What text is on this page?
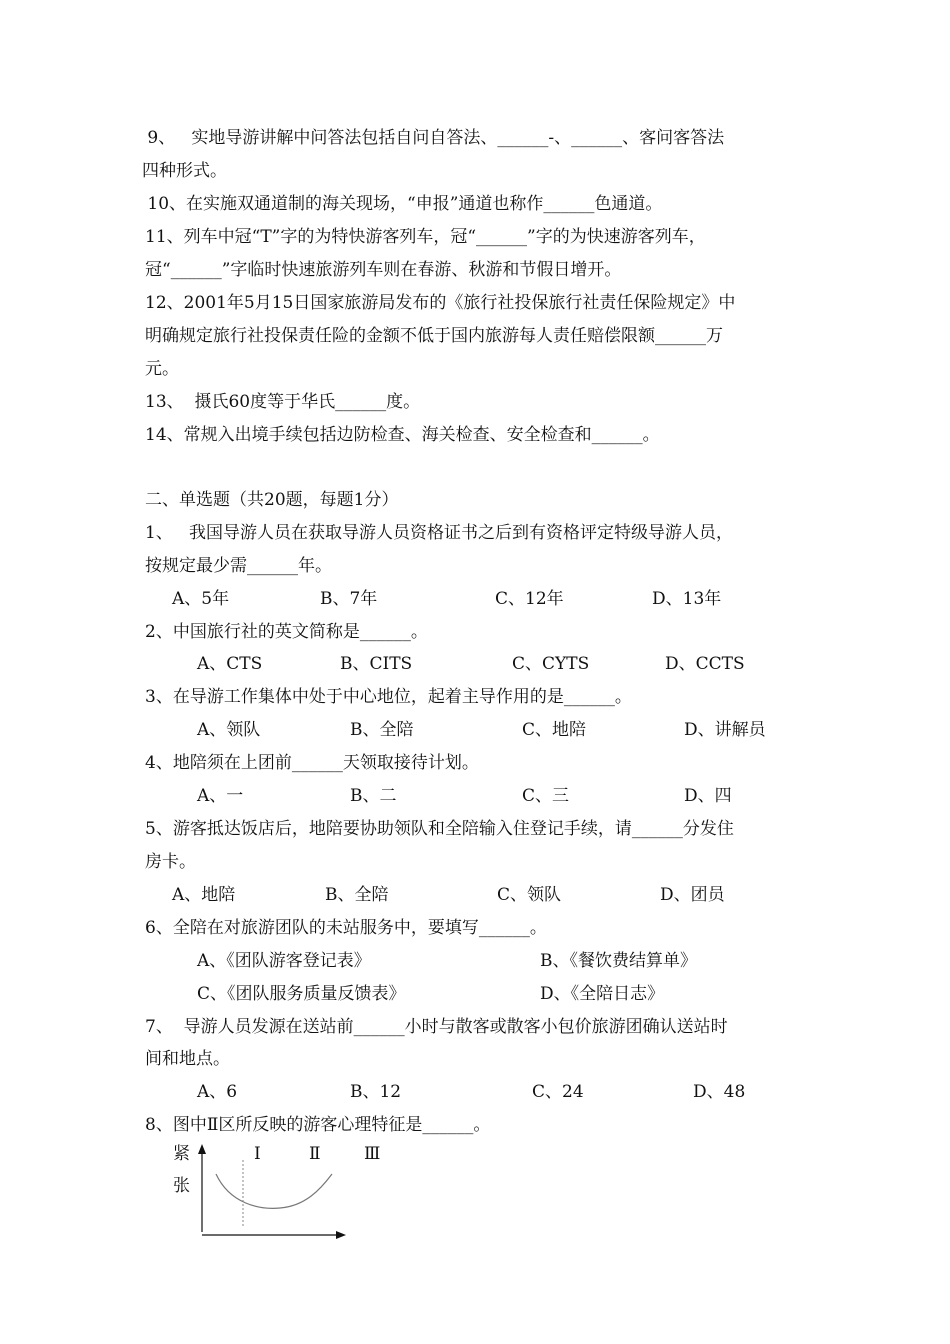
9、   实地导游讲解中问答法包括自问自答法、______-、______、客问客答法
四种形式。
10、在实施双通道制的海关现场，“申报”通道也称作______色通道。
11、列车中冠“T”字的为特快游客列车，冠“______”字的为快速游客列车，
冠“______”字临时快速旅游列车则在春游、秋游和节假日增开。
12、2001年5月15日国家旅游局发布的《旅行社投保旅行社责任保险规定》中
明确规定旅行社投保责任险的金额不低于国内旅游每人责任赔偿限额______万
元。
13、  摄氏60度等于华氏______度。
14、常规入出境手续包括边防检查、海关检查、安全检查和______。
二、单选题（共20题，每题1分）
1、   我国导游人员在获取导游人员资格证书之后到有资格评定特级导游人员，
按规定最少需______年。
A、5年	B、7年	C、12年	D、13年
2、中国旅行社的英文简称是______。
A、CTS	B、CITS	C、CYTS	D、CCTS
3、在导游工作集体中处于中心地位，起着主导作用的是______。
A、领队	B、全陪	C、地陪	D、讲解员
4、地陪须在上团前______天领取接待计划。
A、一	B、二	C、三	D、四
5、游客抵达饭店后，地陪要协助领队和全陪输入住登记手续，请______分发住
房卡。
A、地陪	B、全陪	C、领队	D、团员
6、全陪在对旅游团队的未站服务中，要填写______。
A、《团队游客登记表》	B、《餐饮费结算单》
C、《团队服务质量反馈表》	D、《全陪日志》
7、  导游人员发源在送站前______小时与散客或散客小包价旅游团确认送站时
间和地点。
A、6	B、12	C、24	D、48
8、图中Ⅱ区所反映的游客心理特征是______。
紧
张
Ⅰ	Ⅱ	Ⅲ
